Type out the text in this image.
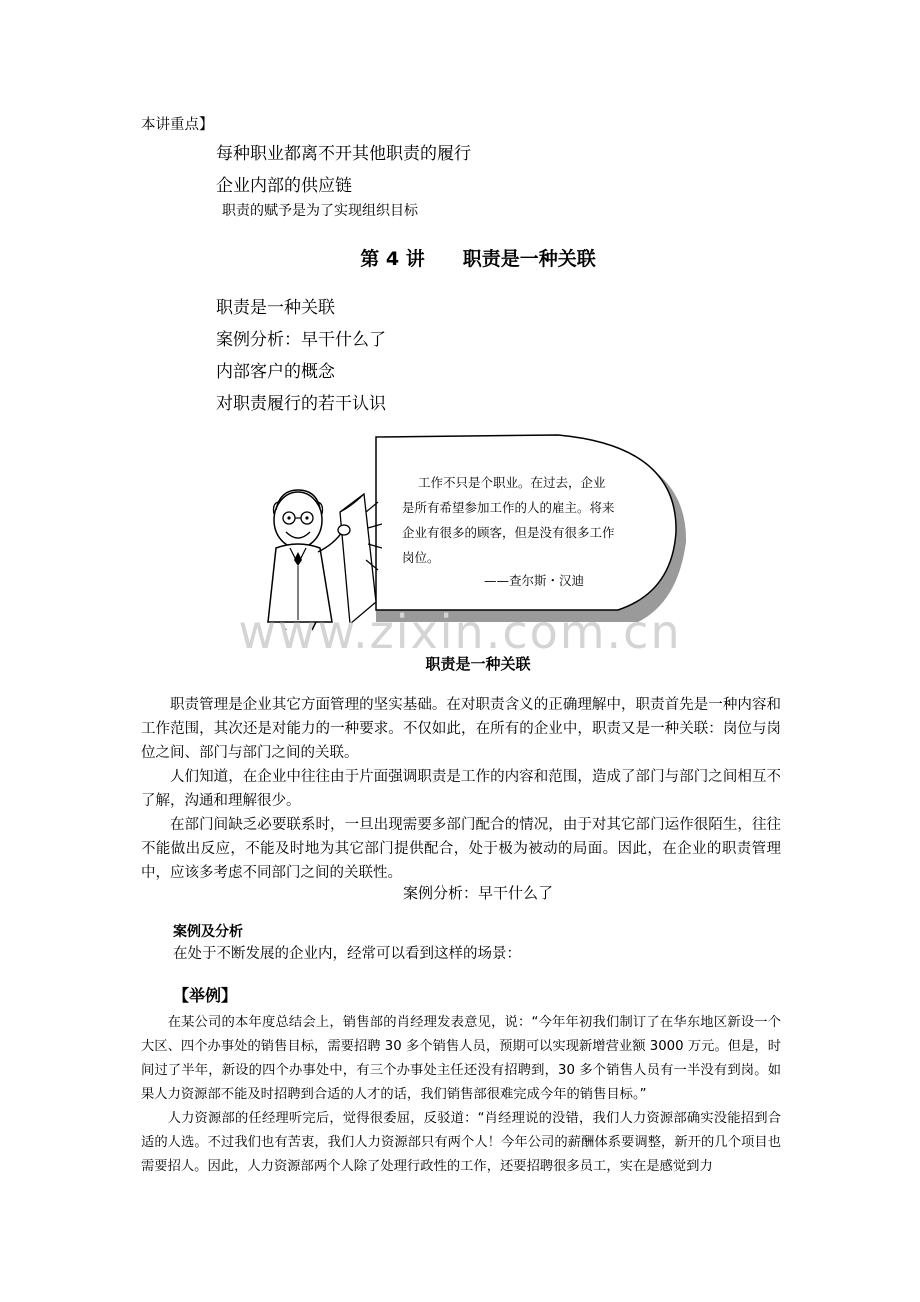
本讲重点】
每种职业都离不开其他职责的履行
企业内部的供应链
职责的赋予是为了实现组织目标
第 4 讲　　职责是一种关联
职责是一种关联
案例分析：早干什么了
内部客户的概念
对职责履行的若干认识
工作不只是个职业。在过去，企业
是所有希望参加工作的人的雇主。将来
企业有很多的顾客，但是没有很多工作
岗位。
——查尔斯・汉迪
www.zixin.com.cn
职责是一种关联

职责管理是企业其它方面管理的坚实基础。在对职责含义的正确理解中，职责首先是一种内容和工作范围，其次还是对能力的一种要求。不仅如此，在所有的企业中，职责又是一种关联：岗位与岗位之间、部门与部门之间的关联。

人们知道，在企业中往往由于片面强调职责是工作的内容和范围，造成了部门与部门之间相互不了解，沟通和理解很少。

在部门间缺乏必要联系时，一旦出现需要多部门配合的情况，由于对其它部门运作很陌生，往往不能做出反应，不能及时地为其它部门提供配合，处于极为被动的局面。因此，在企业的职责管理中，应该多考虑不同部门之间的关联性。

案例分析：早干什么了
案例及分析
在处于不断发展的企业内，经常可以看到这样的场景：
【举例】

在某公司的本年度总结会上，销售部的肖经理发表意见，说：“今年年初我们制订了在华东地区新设一个大区、四个办事处的销售目标，需要招聘 30 多个销售人员，预期可以实现新增营业额 3000 万元。但是，时间过了半年，新设的四个办事处中，有三个办事处主任还没有招聘到，30 多个销售人员有一半没有到岗。如果人力资源部不能及时招聘到合适的人才的话，我们销售部很难完成今年的销售目标。”

人力资源部的任经理听完后，觉得很委屈，反驳道：“肖经理说的没错，我们人力资源部确实没能招到合适的人选。不过我们也有苦衷，我们人力资源部只有两个人！今年公司的薪酬体系要调整，新开的几个项目也需要招人。因此，人力资源部两个人除了处理行政性的工作，还要招聘很多员工，实在是感觉到力
